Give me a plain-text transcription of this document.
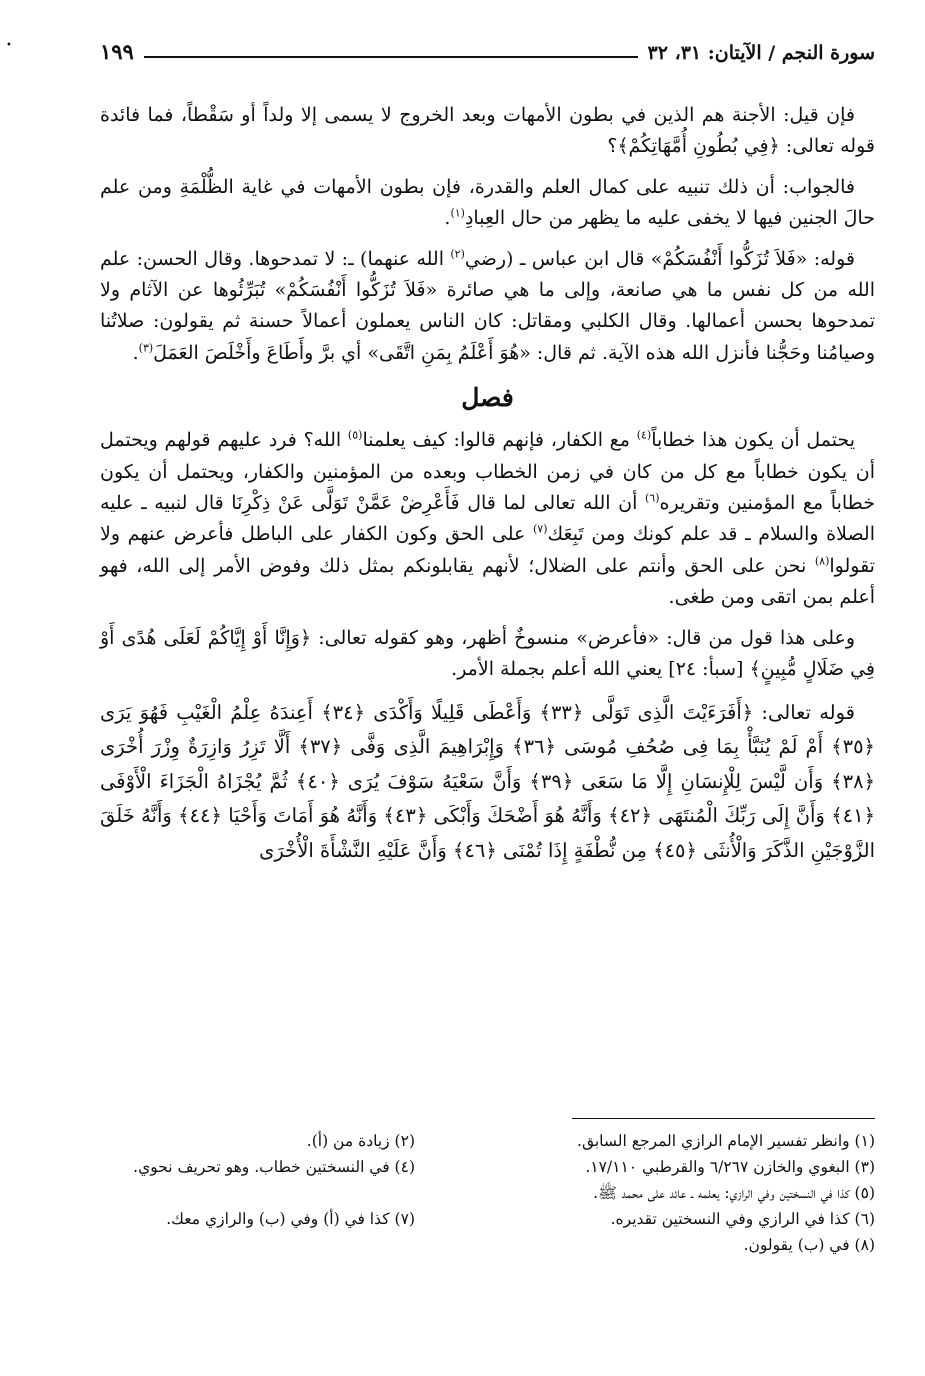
•	سورة النجم / الآيتان: ٣١، ٣٢
١٩٩

فإن قيل: الأجنة هم الذين في بطون الأمهات وبعد الخروج لا يسمى إلا ولداً أو سَقْطاً، فما فائدة قوله تعالى: ﴿فِي بُطُونِ أُمَّهَاتِكُمْ﴾؟

فالجواب: أن ذلك تنبيه على كمال العلم والقدرة، فإن بطون الأمهات في غاية الظُّلْمَةِ ومن علم حالَ الجنين فيها لا يخفى عليه ما يظهر من حال العِبادِ$^{(١)}$.

قوله: «فَلاَ تُزَكُّوا أَنْفُسَكُمْ» قال ابن عباس ـ (رضي$^{(٢)}$ الله عنهما) ـ: لا تمدحوها. وقال الحسن: علم الله من كل نفس ما هي صانعة، وإلى ما هي صائرة «فَلاَ تُزَكُّوا أَنْفُسَكُمْ» تُبَرِّئُوها عن الآثام ولا تمدحوها بحسن أعمالها. وقال الكلبي ومقاتل: كان الناس يعملون أعمالاً حسنة ثم يقولون: صلاتُنا وصيامُنا وحَجُّنا فأنزل الله هذه الآية. ثم قال: «هُوَ أَعْلَمُ بِمَنِ اتَّقَى» أي برَّ وأَطَاعَ وأَخْلَصَ العَمَلَ$^{(٣)}$.

فصل

يحتمل أن يكون هذا خطاباً$^{(٤)}$ مع الكفار، فإنهم قالوا: كيف يعلمنا$^{(٥)}$ الله؟ فرد عليهم قولهم ويحتمل أن يكون خطاباً مع كل من كان في زمن الخطاب وبعده من المؤمنين والكفار، ويحتمل أن يكون خطاباً مع المؤمنين وتقريره$^{(٦)}$ أن الله تعالى لما قال فَأَعْرِضْ عَمَّنْ تَوَلَّى عَنْ ذِكْرِنَا قال لنبيه ـ عليه الصلاة والسلام ـ قد علم كونك ومن تَبِعَك$^{(٧)}$ على الحق وكون الكفار على الباطل فأعرض عنهم ولا تقولوا$^{(٨)}$ نحن على الحق وأنتم على الضلال؛ لأنهم يقابلونكم بمثل ذلك وفوض الأمر إلى الله، فهو أعلم بمن اتقى ومن طغى.

وعلى هذا قول من قال: «فأعرض» منسوخٌ أظهر، وهو كقوله تعالى: ﴿وَإِنَّا أَوْ إِيَّاكُمْ لَعَلَى هُدًى أَوْ فِي ضَلَالٍ مُّبِينٍ﴾ [سبأ: ٢٤] يعني الله أعلم بجملة الأمر.

قوله تعالى: ﴿أَفَرَءَيْتَ الَّذِى تَوَلَّى ﴿٣٣﴾ وَأَعْطَى قَلِيلًا وَأَكْدَى ﴿٣٤﴾ أَعِندَهُ عِلْمُ الْغَيْبِ فَهُوَ يَرَى ﴿٣٥﴾ أَمْ لَمْ يُنَبَّأْ بِمَا فِى صُحُفِ مُوسَى ﴿٣٦﴾ وَإِبْرَاهِيمَ الَّذِى وَفَّى ﴿٣٧﴾ أَلَّا تَزِرُ وَازِرَةٌ وِزْرَ أُخْرَى ﴿٣٨﴾ وَأَن لَّيْسَ لِلْإِنسَانِ إِلَّا مَا سَعَى ﴿٣٩﴾ وَأَنَّ سَعْيَهُ سَوْفَ يُرَى ﴿٤٠﴾ ثُمَّ يُجْزَاهُ الْجَزَاءَ الْأَوْفَى ﴿٤١﴾ وَأَنَّ إِلَى رَبِّكَ الْمُنتَهَى ﴿٤٢﴾ وَأَنَّهُ هُوَ أَضْحَكَ وَأَبْكَى ﴿٤٣﴾ وَأَنَّهُ هُوَ أَمَاتَ وَأَحْيَا ﴿٤٤﴾ وَأَنَّهُ خَلَقَ الزَّوْجَيْنِ الذَّكَرَ وَالْأُنثَى ﴿٤٥﴾ مِن نُّطْفَةٍ إِذَا تُمْنَى ﴿٤٦﴾ وَأَنَّ عَلَيْهِ النَّشْأَةَ الْأُخْرَى

(١) وانظر تفسير الإمام الرازي المرجع السابق.
(٢) زيادة من (أ).
(٣) البغوي والخازن ٦/٢٦٧ والقرطبي ١٧/١١٠.
(٤) في النسختين خطاب. وهو تحريف نحوي.
(٥) كذا في النسختين وفي الرازي: يعلمه ـ عائد على محمد ﷺ.
(٦) كذا في الرازي وفي النسختين تقديره.
(٧) كذا في (أ) وفي (ب) والرازي معك.
(٨) في (ب) يقولون.
